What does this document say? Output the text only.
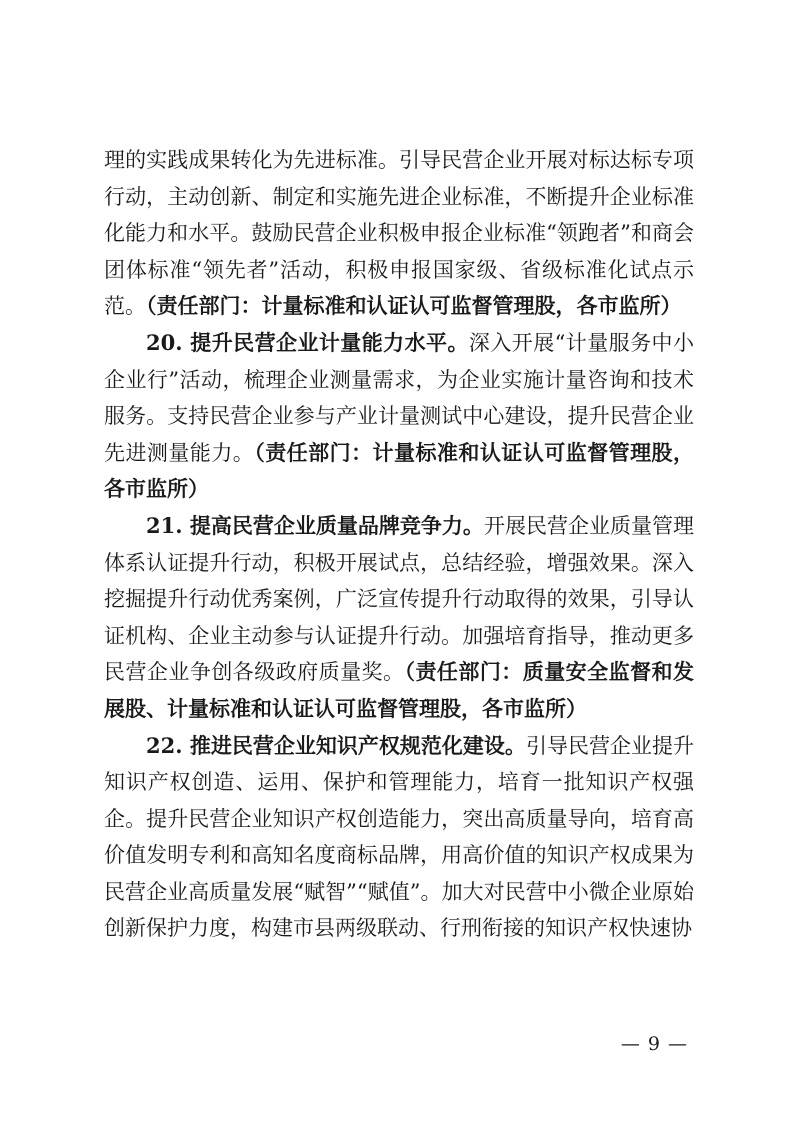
理的实践成果转化为先进标准。引导民营企业开展对标达标专项行动，主动创新、制定和实施先进企业标准，不断提升企业标准化能力和水平。鼓励民营企业积极申报企业标准“领跑者”和商会团体标准“领先者”活动，积极申报国家级、省级标准化试点示范。（责任部门：计量标准和认证认可监督管理股，各市监所）

20. 提升民营企业计量能力水平。深入开展“计量服务中小企业行”活动，梳理企业测量需求，为企业实施计量咨询和技术服务。支持民营企业参与产业计量测试中心建设，提升民营企业先进测量能力。（责任部门：计量标准和认证认可监督管理股，各市监所）

21. 提高民营企业质量品牌竞争力。开展民营企业质量管理体系认证提升行动，积极开展试点，总结经验，增强效果。深入挖掘提升行动优秀案例，广泛宣传提升行动取得的效果，引导认证机构、企业主动参与认证提升行动。加强培育指导，推动更多民营企业争创各级政府质量奖。（责任部门：质量安全监督和发展股、计量标准和认证认可监督管理股，各市监所）

22. 推进民营企业知识产权规范化建设。引导民营企业提升知识产权创造、运用、保护和管理能力，培育一批知识产权强企。提升民营企业知识产权创造能力，突出高质量导向，培育高价值发明专利和高知名度商标品牌，用高价值的知识产权成果为民营企业高质量发展“赋智”“赋值”。加大对民营中小微企业原始创新保护力度，构建市县两级联动、行刑衔接的知识产权快速协

— 9 —
